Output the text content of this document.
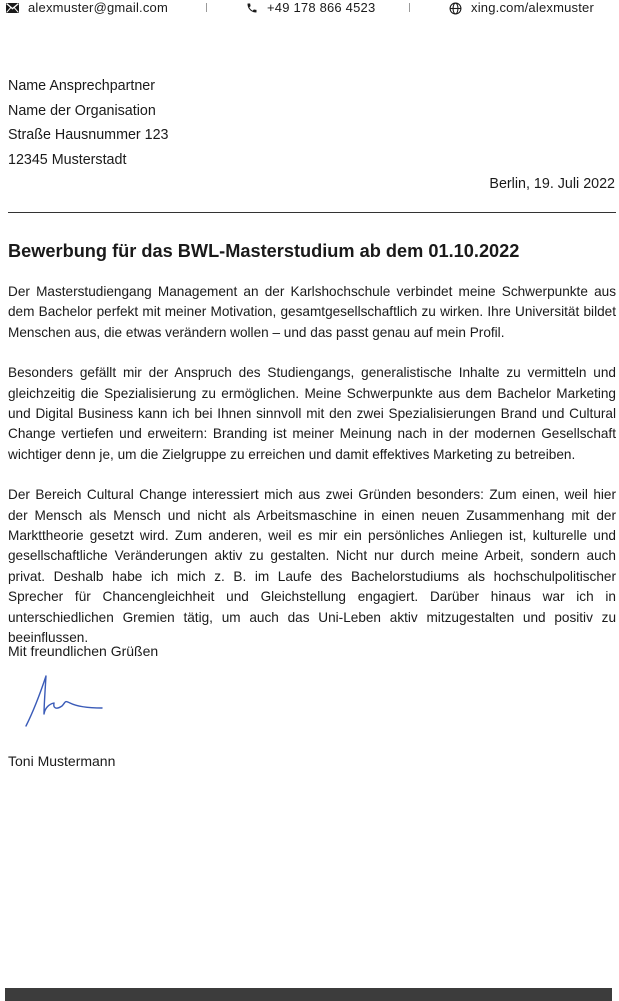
alexmuster@gmail.com	+49 178 866 4523	xing.com/alexmuster
Name Ansprechpartner
Name der Organisation
Straße Hausnummer 123
12345 Musterstadt
Berlin, 19. Juli 2022
Bewerbung für das BWL-Masterstudium ab dem 01.10.2022

Der Masterstudiengang Management an der Karlshochschule verbindet meine Schwerpunkte aus dem Bachelor perfekt mit meiner Motivation, gesamtgesellschaftlich zu wirken. Ihre Universität bildet Menschen aus, die etwas verändern wollen – und das passt genau auf mein Profil.

Besonders gefällt mir der Anspruch des Studiengangs, generalistische Inhalte zu vermitteln und gleichzeitig die Spezialisierung zu ermöglichen. Meine Schwerpunkte aus dem Bachelor Marketing und Digital Business kann ich bei Ihnen sinnvoll mit den zwei Spezialisierungen Brand und Cultural Change vertiefen und erweitern: Branding ist meiner Meinung nach in der modernen Gesellschaft wichtiger denn je, um die Zielgruppe zu erreichen und damit effektives Marketing zu betreiben.

Der Bereich Cultural Change interessiert mich aus zwei Gründen besonders: Zum einen, weil hier der Mensch als Mensch und nicht als Arbeitsmaschine in einen neuen Zusammenhang mit der Markttheorie gesetzt wird. Zum anderen, weil es mir ein persönliches Anliegen ist, kulturelle und gesellschaftliche Veränderungen aktiv zu gestalten. Nicht nur durch meine Arbeit, sondern auch privat. Deshalb habe ich mich z. B. im Laufe des Bachelorstudiums als hochschulpolitischer Sprecher für Chancengleichheit und Gleichstellung engagiert. Darüber hinaus war ich in unterschiedlichen Gremien tätig, um auch das Uni-Leben aktiv mitzugestalten und positiv zu beeinflussen.

Mit freundlichen Grüßen
Toni Mustermann
